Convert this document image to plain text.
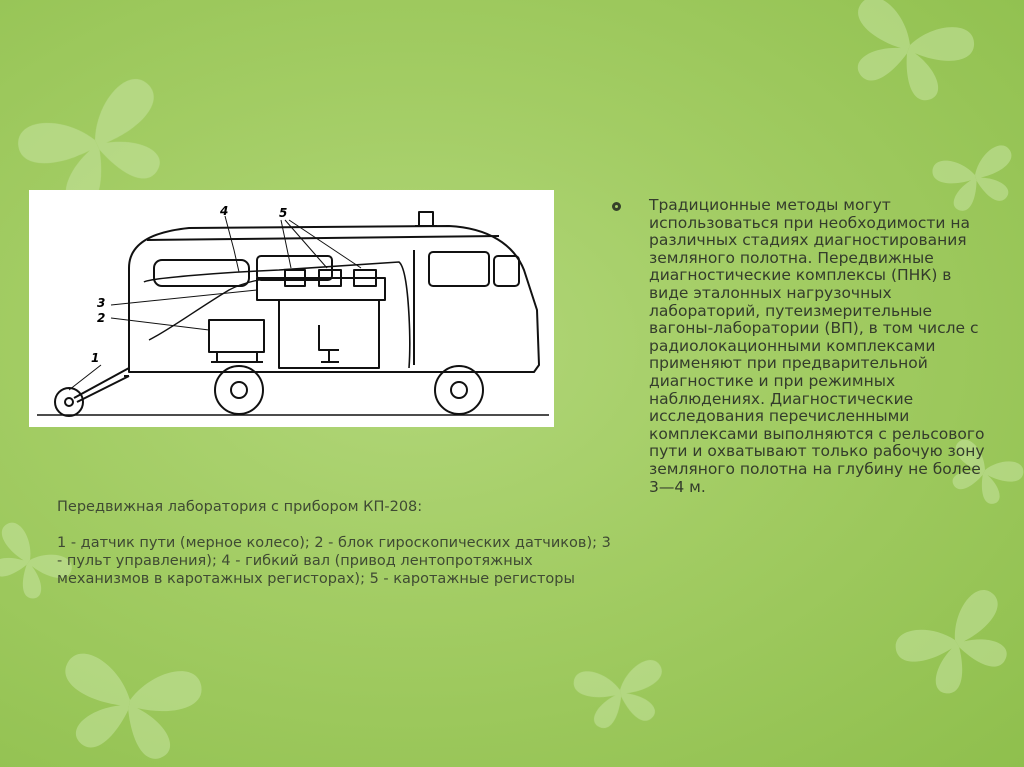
1
2
3
4	5

Передвижная лаборатория с прибором КП-208:

1 - датчик пути (мерное колесо); 2 - блок гироскопических датчиков); 3 - пульт управления); 4 - гибкий вал (привод лентопротяжных механизмов в каротажных регисторах); 5 - каротажные регисторы

Традиционные методы могут использоваться при необходимости на различных стадиях диагностирования земляного полотна. Передвижные диагностические комплексы (ПНК) в виде эталонных нагрузочных лабораторий, путеизмерительные вагоны-лаборатории (ВП), в том числе с радиолокационными комплексами применяют при предварительной диагностике и при режимных наблюдениях. Диагностические исследования перечисленными комплексами выполняются с рельсового пути и охватывают только рабочую зону земляного полотна на глубину не более 3—4 м.
